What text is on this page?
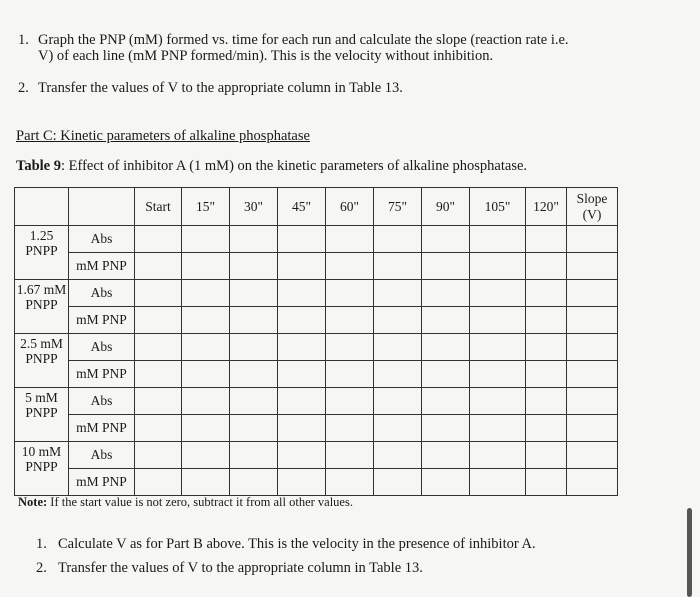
1. Graph the PNP (mM) formed vs. time for each run and calculate the slope (reaction rate i.e.
V) of each line (mM PNP formed/min). This is the velocity without inhibition.
2. Transfer the values of V to the appropriate column in Table 13.
Part C: Kinetic parameters of alkaline phosphatase
Table 9: Effect of inhibitor A (1 mM) on the kinetic parameters of alkaline phosphatase.
		Start	15"	30"	45"	60"	75"	90"	105"	120"	Slope (V)
1.25 PNPP	Abs										
	mM PNP										
1.67 mM PNPP	Abs										
	mM PNP										
2.5 mM PNPP	Abs										
	mM PNP										
5 mM PNPP	Abs										
	mM PNP										
10 mM PNPP	Abs										
	mM PNP										
Note: If the start value is not zero, subtract it from all other values.
1. Calculate V as for Part B above. This is the velocity in the presence of inhibitor A.
2. Transfer the values of V to the appropriate column in Table 13.
